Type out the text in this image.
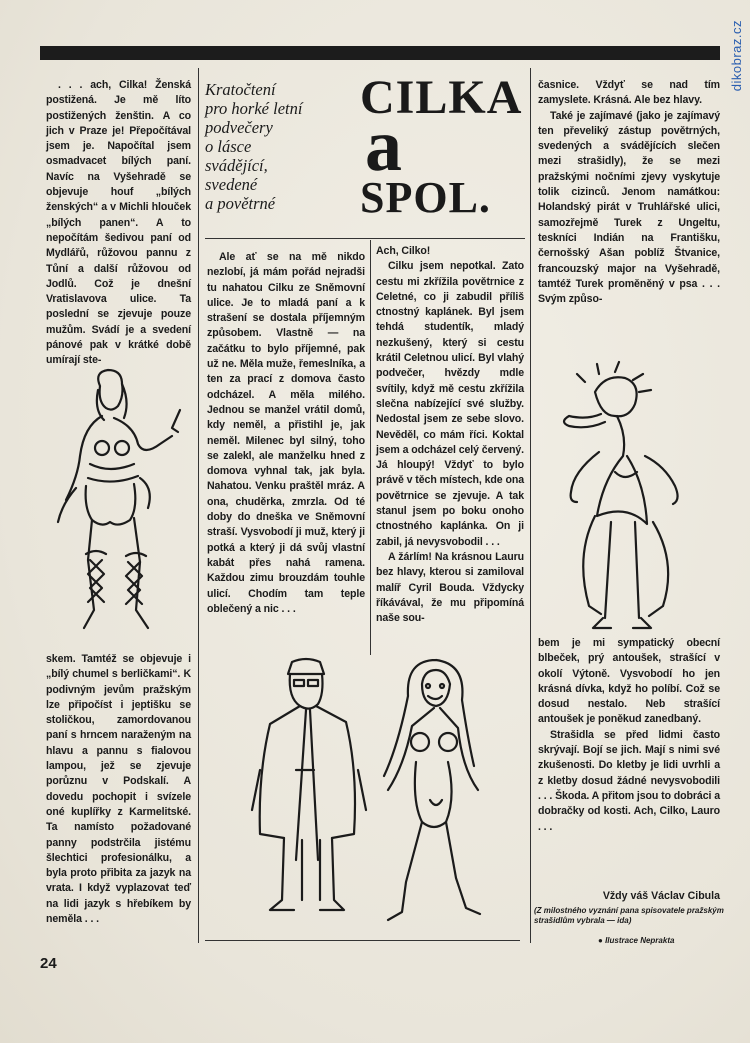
dikobraz.cz
CILKA
a
SPOL.
Kratočtení
pro horké letní
podvečery
o lásce
svádějící,
svedené
a povětrné

. . . ach, Cilka! Ženská postižená. Je mě líto postižených ženštin. A co jich v Praze je! Přepočítával jsem je. Napočítal jsem osmadvacet bílých paní. Navíc na Vyšehradě se objevuje houf „bílých ženských“ a v Michli hlouček „bílých panen“. A to nepočítám šedivou paní od Mydlářů, růžovou pannu z Tůní a další růžovou od Jodlů. Což je dnešní Vratislavova ulice. Ta poslední se zjevuje pouze mužům. Svádí je a svedení pánové pak v krátké době umírají ste-

skem. Tamtéž se objevuje i „bílý chumel s berličkami“. K podivným jevům pražským lze připočíst i jeptišku se stoličkou, zamordovanou paní s hrncem naraženým na hlavu a pannu s fialovou lampou, jež se zjevuje porůznu v Podskalí. A dovedu pochopit i svízele oné kuplířky z Karmelitské. Ta namísto požadované panny podstrčila jistému šlechtici profesionálku, a byla proto přibita za jazyk na vrata. I když vyplazovat teď na lidi jazyk s hřebíkem by neměla . . .

Ale ať se na mě nikdo nezlobí, já mám pořád nejradši tu nahatou Cilku ze Sněmovní ulice. Je to mladá paní a k strašení se dostala příjemným způsobem. Vlastně — na začátku to bylo příjemné, pak už ne. Měla muže, řemeslníka, a ten za prací z domova často odcházel. A měla milého. Jednou se manžel vrátil domů, kdy neměl, a přistihl je, jak neměl. Milenec byl silný, toho se zalekl, ale manželku hned z domova vyhnal tak, jak byla. Nahatou. Venku praštěl mráz. A ona, chuděrka, zmrzla. Od té doby do dneška ve Sněmovní straší. Vysvobodí ji muž, který ji potká a který ji dá svůj vlastní kabát přes nahá ramena. Každou zimu brouzdám touhle ulicí. Chodím tam teple oblečený a nic . . .

Ach, Cilko!

Cilku jsem nepotkal. Zato cestu mi zkřížila povětrnice z Celetné, co ji zabudil příliš ctnostný kaplánek. Byl jsem tehdá studentík, mladý nezkušený, který si cestu krátil Celetnou ulicí. Byl vlahý podvečer, hvězdy mdle svítily, když mě cestu zkřížila slečna nabízející své služby. Nedostal jsem ze sebe slovo. Nevěděl, co mám říci. Koktal jsem a odcházel celý červený. Já hloupý! Vždyť to bylo právě v těch místech, kde ona povětrnice se zjevuje. A tak stanul jsem po boku onoho ctnostného kaplánka. On ji zabil, já nevysvobodil . . .

A žárlím! Na krásnou Lauru bez hlavy, kterou si zamiloval malíř Cyril Bouda. Vždycky říkávával, že mu připomíná naše sou-

časnice. Vždyť se nad tím zamyslete. Krásná. Ale bez hlavy.

Také je zajímavé (jako je zajímavý ten převeliký zástup povětrných, svedených a svádějících slečen mezi strašidly), že se mezi pražskými nočními zjevy vyskytuje tolik cizinců. Jenom namátkou: Holandský pirát v Truhlářské ulici, samozřejmě Turek z Ungeltu, teskníci Indián na Františku, černošský Ašan poblíž Štvanice, francouzský major na Vyšehradě, tamtéž Turek proměněný v psa . . . Svým způso-

bem je mi sympatický obecní blbeček, prý antoušek, strašící v okolí Výtoně. Vysvobodí ho jen krásná dívka, když ho políbí. Což se dosud nestalo. Neb strašící antoušek je poněkud zanedbaný.

Strašidla se před lidmi často skrývají. Bojí se jich. Mají s nimi své zkušenosti. Do kletby je lidi uvrhli a z kletby dosud žádné nevysvobodili . . . Škoda. A přitom jsou to dobráci a dobračky od kosti. Ach, Cilko, Lauro . . .

Vždy váš Václav Cibula
(Z milostného vyznání pana spisovatele pražským strašidlům vybrala — ida)
● Ilustrace Neprakta
24
